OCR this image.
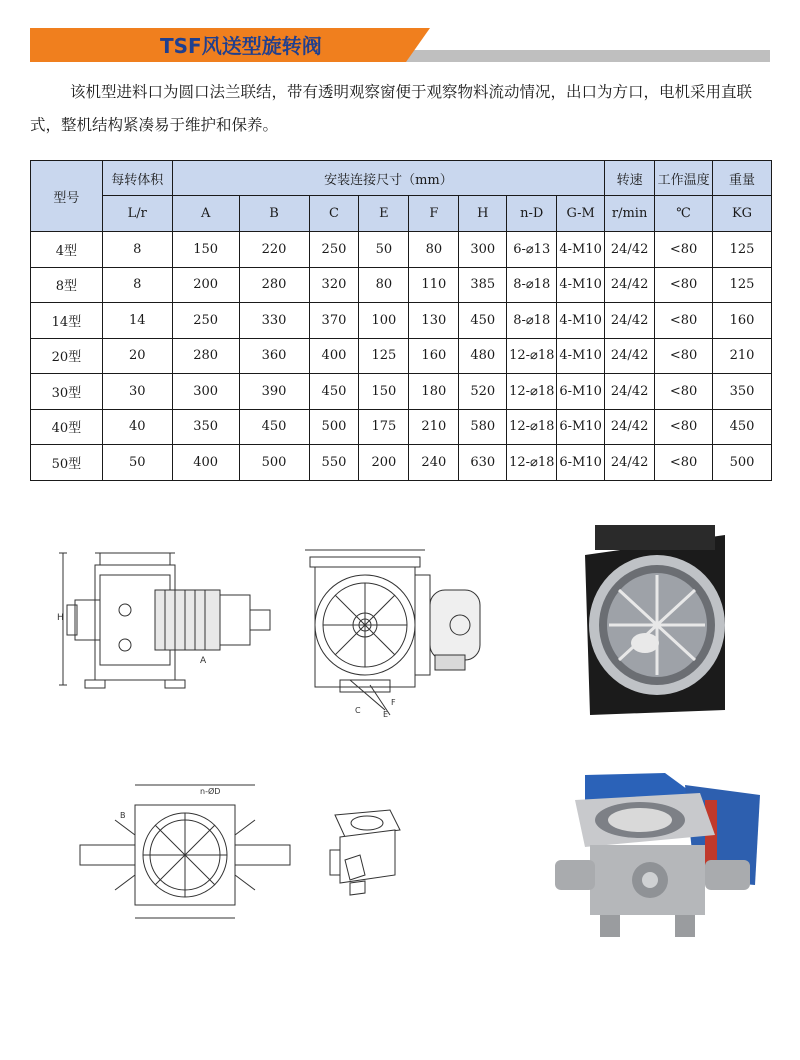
TSF风送型旋转阀
该机型进料口为圆口法兰联结，带有透明观察窗便于观察物料流动情况，出口为方口，电机采用直联式，整机结构紧凑易于维护和保养。
型号	每转体积	安装连接尺寸（mm）								转速	工作温度	重量
	L/r	A	B	C	E	F	H	n-D	G-M	r/min	℃	KG
4型	8	150	220	250	50	80	300	6-⌀13	4-M10	24/42	<80	125
8型	8	200	280	320	80	110	385	8-⌀18	4-M10	24/42	<80	125
14型	14	250	330	370	100	130	450	8-⌀18	4-M10	24/42	<80	160
20型	20	280	360	400	125	160	480	12-⌀18	4-M10	24/42	<80	210
30型	30	300	390	450	150	180	520	12-⌀18	6-M10	24/42	<80	350
40型	40	350	450	500	175	210	580	12-⌀18	6-M10	24/42	<80	450
50型	50	400	500	550	200	240	630	12-⌀18	6-M10	24/42	<80	500
H
A
C	E
F
n-ØD
B
